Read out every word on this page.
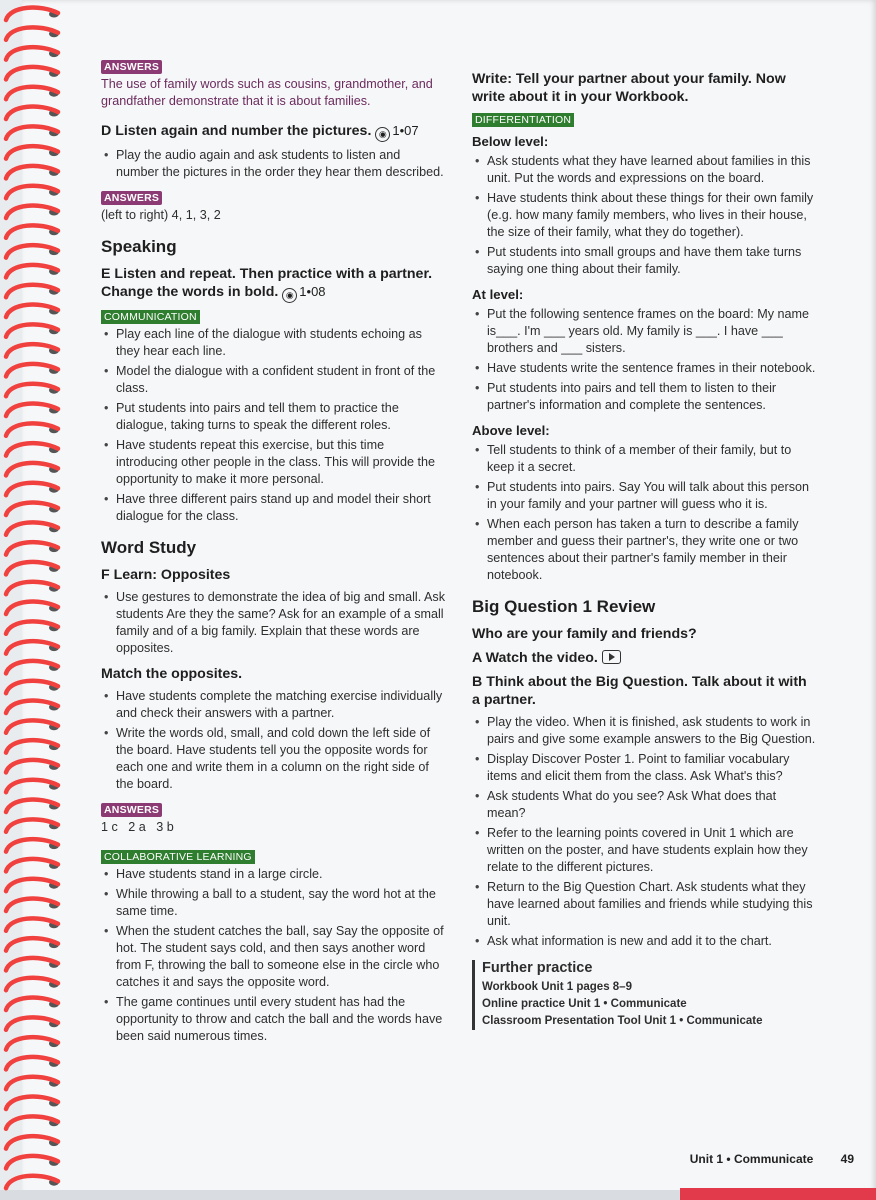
ANSWERS
The use of family words such as cousins, grandmother, and grandfather demonstrate that it is about families.
D Listen again and number the pictures. ◉ 1•07
• Play the audio again and ask students to listen and number the pictures in the order they hear them described.
ANSWERS
(left to right) 4, 1, 3, 2
Speaking
E Listen and repeat. Then practice with a partner. Change the words in bold. ◉ 1•08
COMMUNICATION
• Play each line of the dialogue with students echoing as they hear each line.
• Model the dialogue with a confident student in front of the class.
• Put students into pairs and tell them to practice the dialogue, taking turns to speak the different roles.
• Have students repeat this exercise, but this time introducing other people in the class. This will provide the opportunity to make it more personal.
• Have three different pairs stand up and model their short dialogue for the class.
Word Study
F Learn: Opposites
• Use gestures to demonstrate the idea of big and small. Ask students Are they the same? Ask for an example of a small family and of a big family. Explain that these words are opposites.
Match the opposites.
• Have students complete the matching exercise individually and check their answers with a partner.
• Write the words old, small, and cold down the left side of the board. Have students tell you the opposite words for each one and write them in a column on the right side of the board.
ANSWERS
1 c   2 a   3 b
COLLABORATIVE LEARNING
• Have students stand in a large circle.
• While throwing a ball to a student, say the word hot at the same time.
• When the student catches the ball, say Say the opposite of hot. The student says cold, and then says another word from F, throwing the ball to someone else in the circle who catches it and says the opposite word.
• The game continues until every student has had the opportunity to throw and catch the ball and the words have been said numerous times.
Write: Tell your partner about your family. Now write about it in your Workbook.
DIFFERENTIATION
Below level:
• Ask students what they have learned about families in this unit. Put the words and expressions on the board.
• Have students think about these things for their own family (e.g. how many family members, who lives in their house, the size of their family, what they do together).
• Put students into small groups and have them take turns saying one thing about their family.
At level:
• Put the following sentence frames on the board: My name is___. I'm ___ years old. My family is ___. I have ___ brothers and ___ sisters.
• Have students write the sentence frames in their notebook.
• Put students into pairs and tell them to listen to their partner's information and complete the sentences.
Above level:
• Tell students to think of a member of their family, but to keep it a secret.
• Put students into pairs. Say You will talk about this person in your family and your partner will guess who it is.
• When each person has taken a turn to describe a family member and guess their partner's, they write one or two sentences about their partner's family member in their notebook.
Big Question 1 Review
Who are your family and friends?
A Watch the video.
B Think about the Big Question. Talk about it with a partner.
• Play the video. When it is finished, ask students to work in pairs and give some example answers to the Big Question.
• Display Discover Poster 1. Point to familiar vocabulary items and elicit them from the class. Ask What's this?
• Ask students What do you see? Ask What does that mean?
• Refer to the learning points covered in Unit 1 which are written on the poster, and have students explain how they relate to the different pictures.
• Return to the Big Question Chart. Ask students what they have learned about families and friends while studying this unit.
• Ask what information is new and add it to the chart.
Further practice
Workbook Unit 1 pages 8–9
Online practice Unit 1 • Communicate
Classroom Presentation Tool Unit 1 • Communicate
Unit 1 • Communicate 49
